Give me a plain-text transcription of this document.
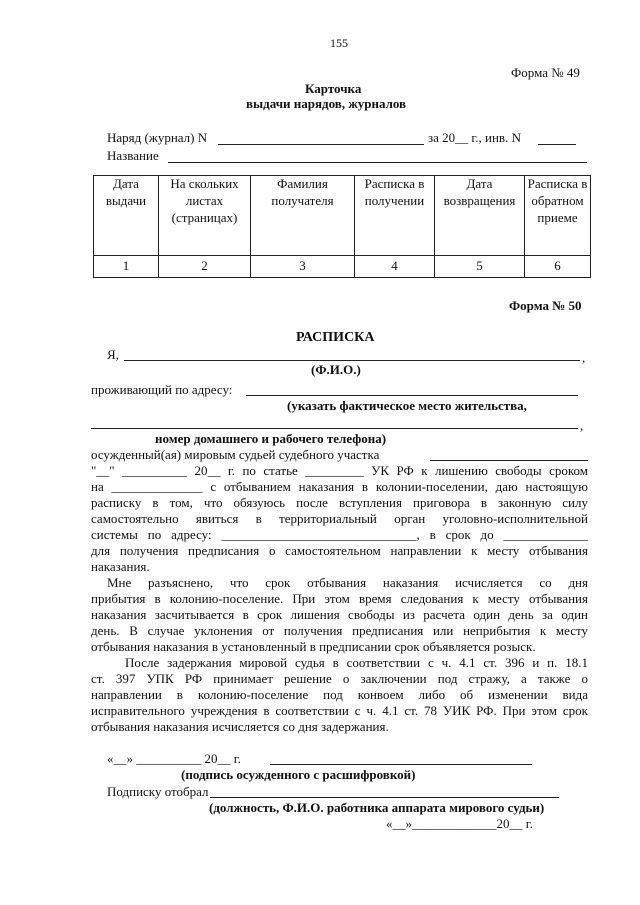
155
Форма № 49
Карточка
выдачи нарядов, журналов
Наряд (журнал) N	за 20__ г., инв. N
Название
Дата выдачи	На скольких листах (страницах)	Фамилия получателя	Расписка в получении	Дата возвращения	Расписка в обратном приеме
1	2	3	4	5	6
Форма № 50
РАСПИСКА
Я,	,
(Ф.И.О.)
проживающий по адресу:
(указать фактическое место жительства,
,
номер домашнего и рабочего телефона)
осужденный(ая) мировым судьей судебного участка
"__" __________ 20__ г. по статье _________ УК РФ к лишению свободы сроком
на ______________ с отбыванием наказания в колонии-поселении, даю настоящую
расписку в том, что обязуюсь после вступления приговора в законную силу
самостоятельно явиться в территориальный орган уголовно-исполнительной
системы по адресу: ______________________________, в срок до _____________
для получения предписания о самостоятельном направлении к месту отбывания
наказания.
Мне разъяснено, что срок отбывания наказания исчисляется со дня
прибытия в колонию-поселение. При этом время следования к месту отбывания
наказания засчитывается в срок лишения свободы из расчета один день за один
день. В случае уклонения от получения предписания или неприбытия к месту
отбывания наказания в установленный в предписании срок объявляется розыск.
После задержания мировой судья в соответствии с ч. 4.1 ст. 396 и п. 18.1
ст. 397 УПК РФ принимает решение о заключении под стражу, а также о
направлении в колонию-поселение под конвоем либо об изменении вида
исправительного учреждения в соответствии с ч. 4.1 ст. 78 УИК РФ. При этом срок
отбывания наказания исчисляется со дня задержания.
«__» __________ 20__ г.
(подпись осужденного с расшифровкой)
Подписку отобрал
(должность, Ф.И.О. работника аппарата мирового судьи)
«__»_____________20__ г.
